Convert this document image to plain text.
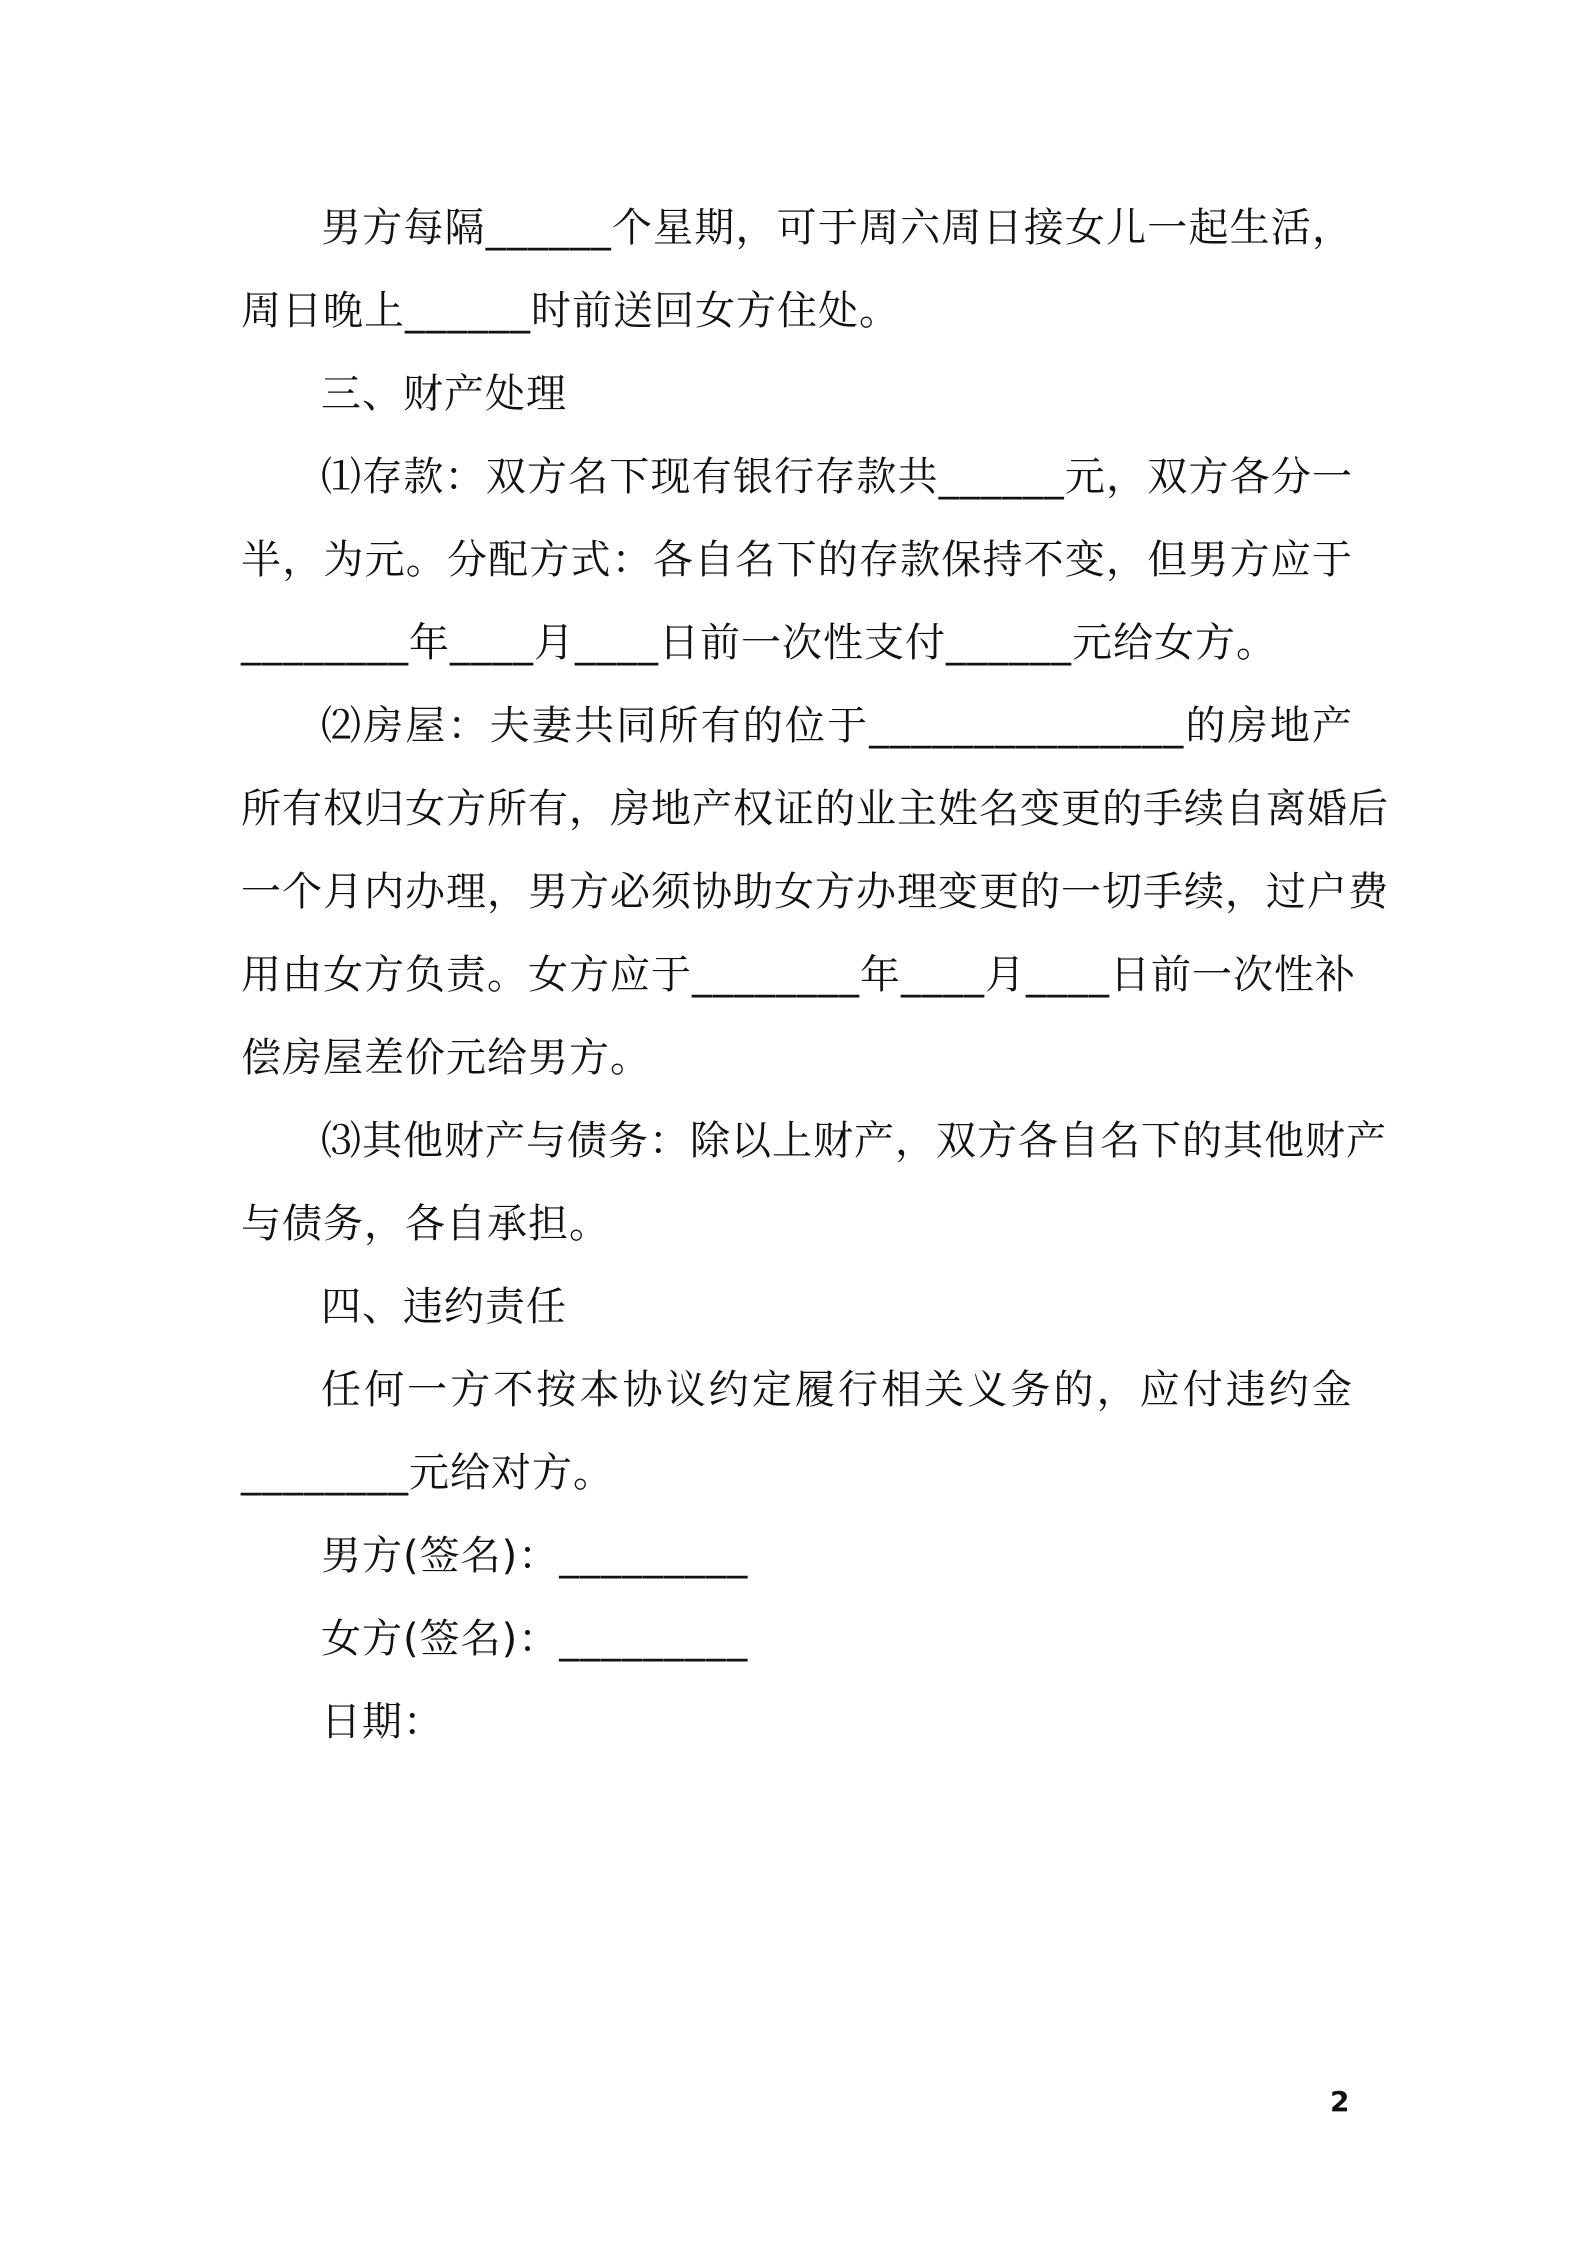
男方每隔______个星期，可于周六周日接女儿一起生活，
周日晚上______时前送回女方住处。
三、财产处理
⑴存款：双方名下现有银行存款共______元，双方各分一
半，为元。分配方式：各自名下的存款保持不变，但男方应于
________年____月____日前一次性支付______元给女方。
⑵房屋：夫妻共同所有的位于_______________的房地产
所有权归女方所有，房地产权证的业主姓名变更的手续自离婚后
一个月内办理，男方必须协助女方办理变更的一切手续，过户费
用由女方负责。女方应于________年____月____日前一次性补
偿房屋差价元给男方。
⑶其他财产与债务：除以上财产，双方各自名下的其他财产
与债务，各自承担。
四、违约责任
任何一方不按本协议约定履行相关义务的，应付违约金
________元给对方。
男方(签名)：_________
女方(签名)：_________
日期：
2
